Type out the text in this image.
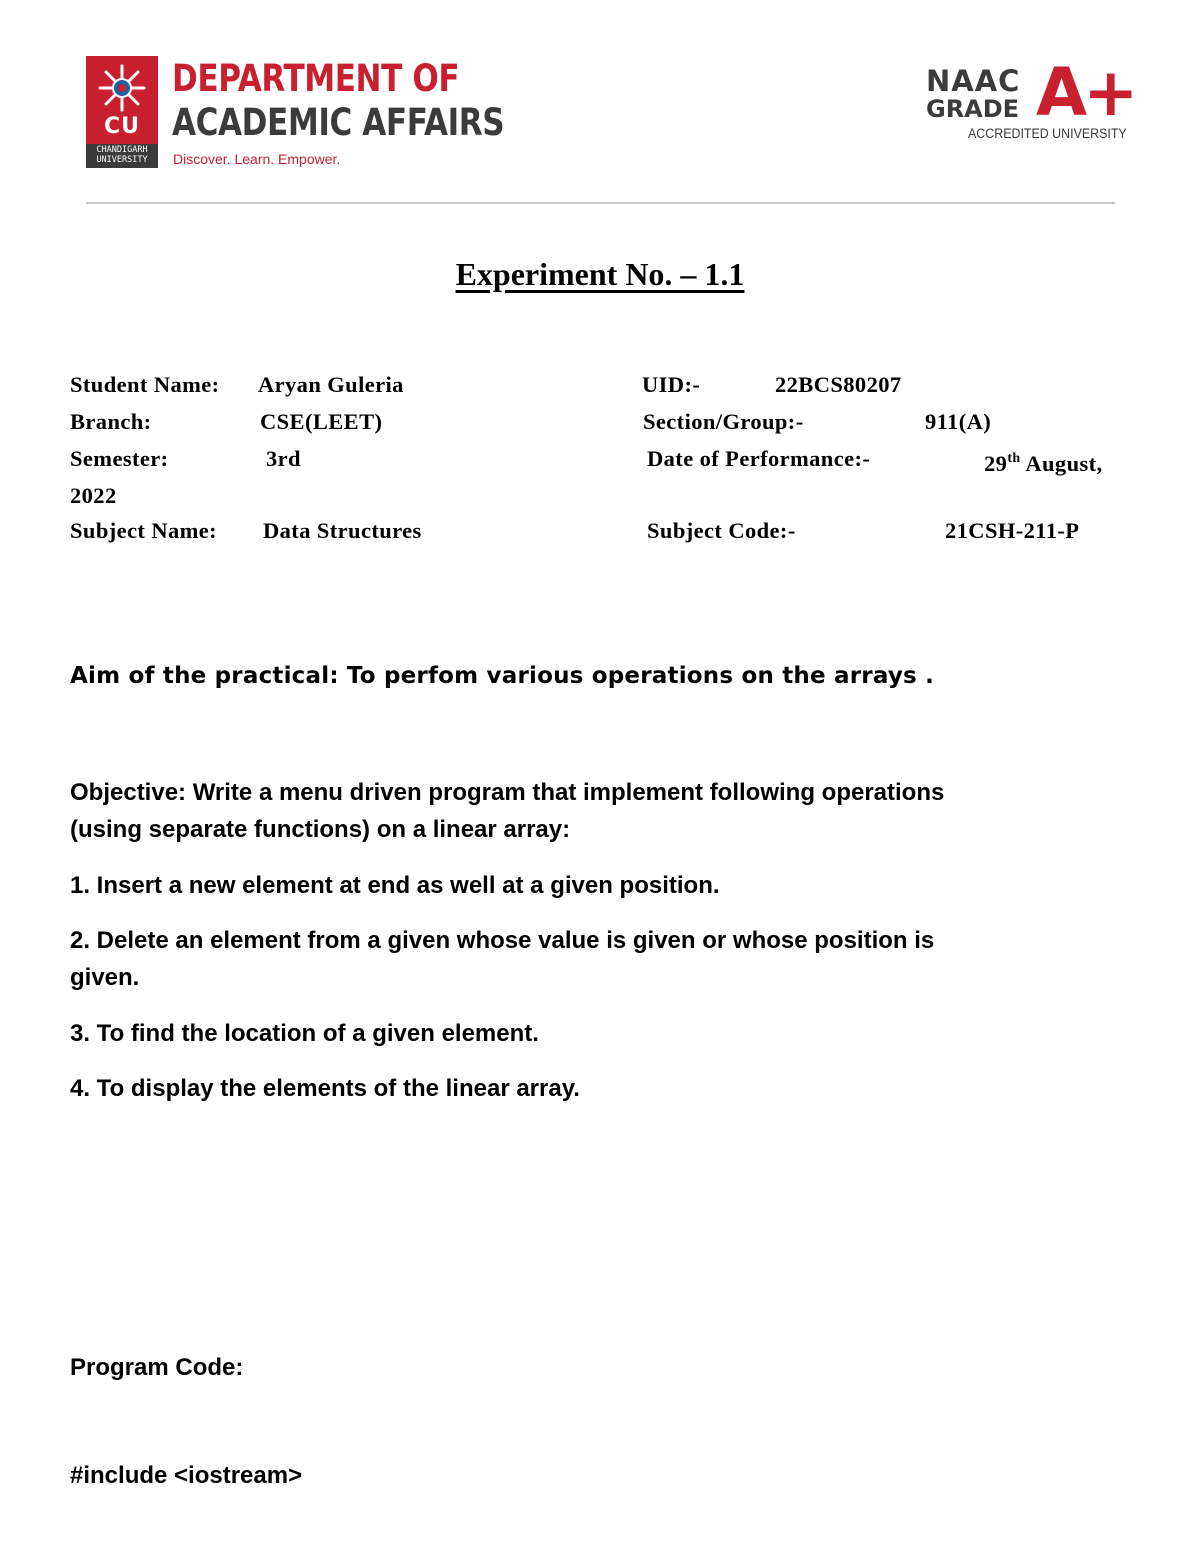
CU
CHANDIGARH
UNIVERSITY
DEPARTMENT OF
ACADEMIC AFFAIRS
Discover. Learn. Empower.
NAAC
GRADE A+
ACCREDITED UNIVERSITY
Experiment No. – 1.1
Student Name: Aryan Guleria	UID:-	22BCS80207
Branch:	CSE(LEET)	Section/Group:-	911(A)
Semester:	3rd	Date of Performance:-	29th August,
2022
Subject Name: Data Structures	Subject Code:-	21CSH-211-P
Aim of the practical: To perfom various operations on the arrays .
Objective: Write a menu driven program that implement following operations
(using separate functions) on a linear array:
1. Insert a new element at end as well at a given position.
2. Delete an element from a given whose value is given or whose position is
given.
3. To find the location of a given element.
4. To display the elements of the linear array.
Program Code:
#include <iostream>
